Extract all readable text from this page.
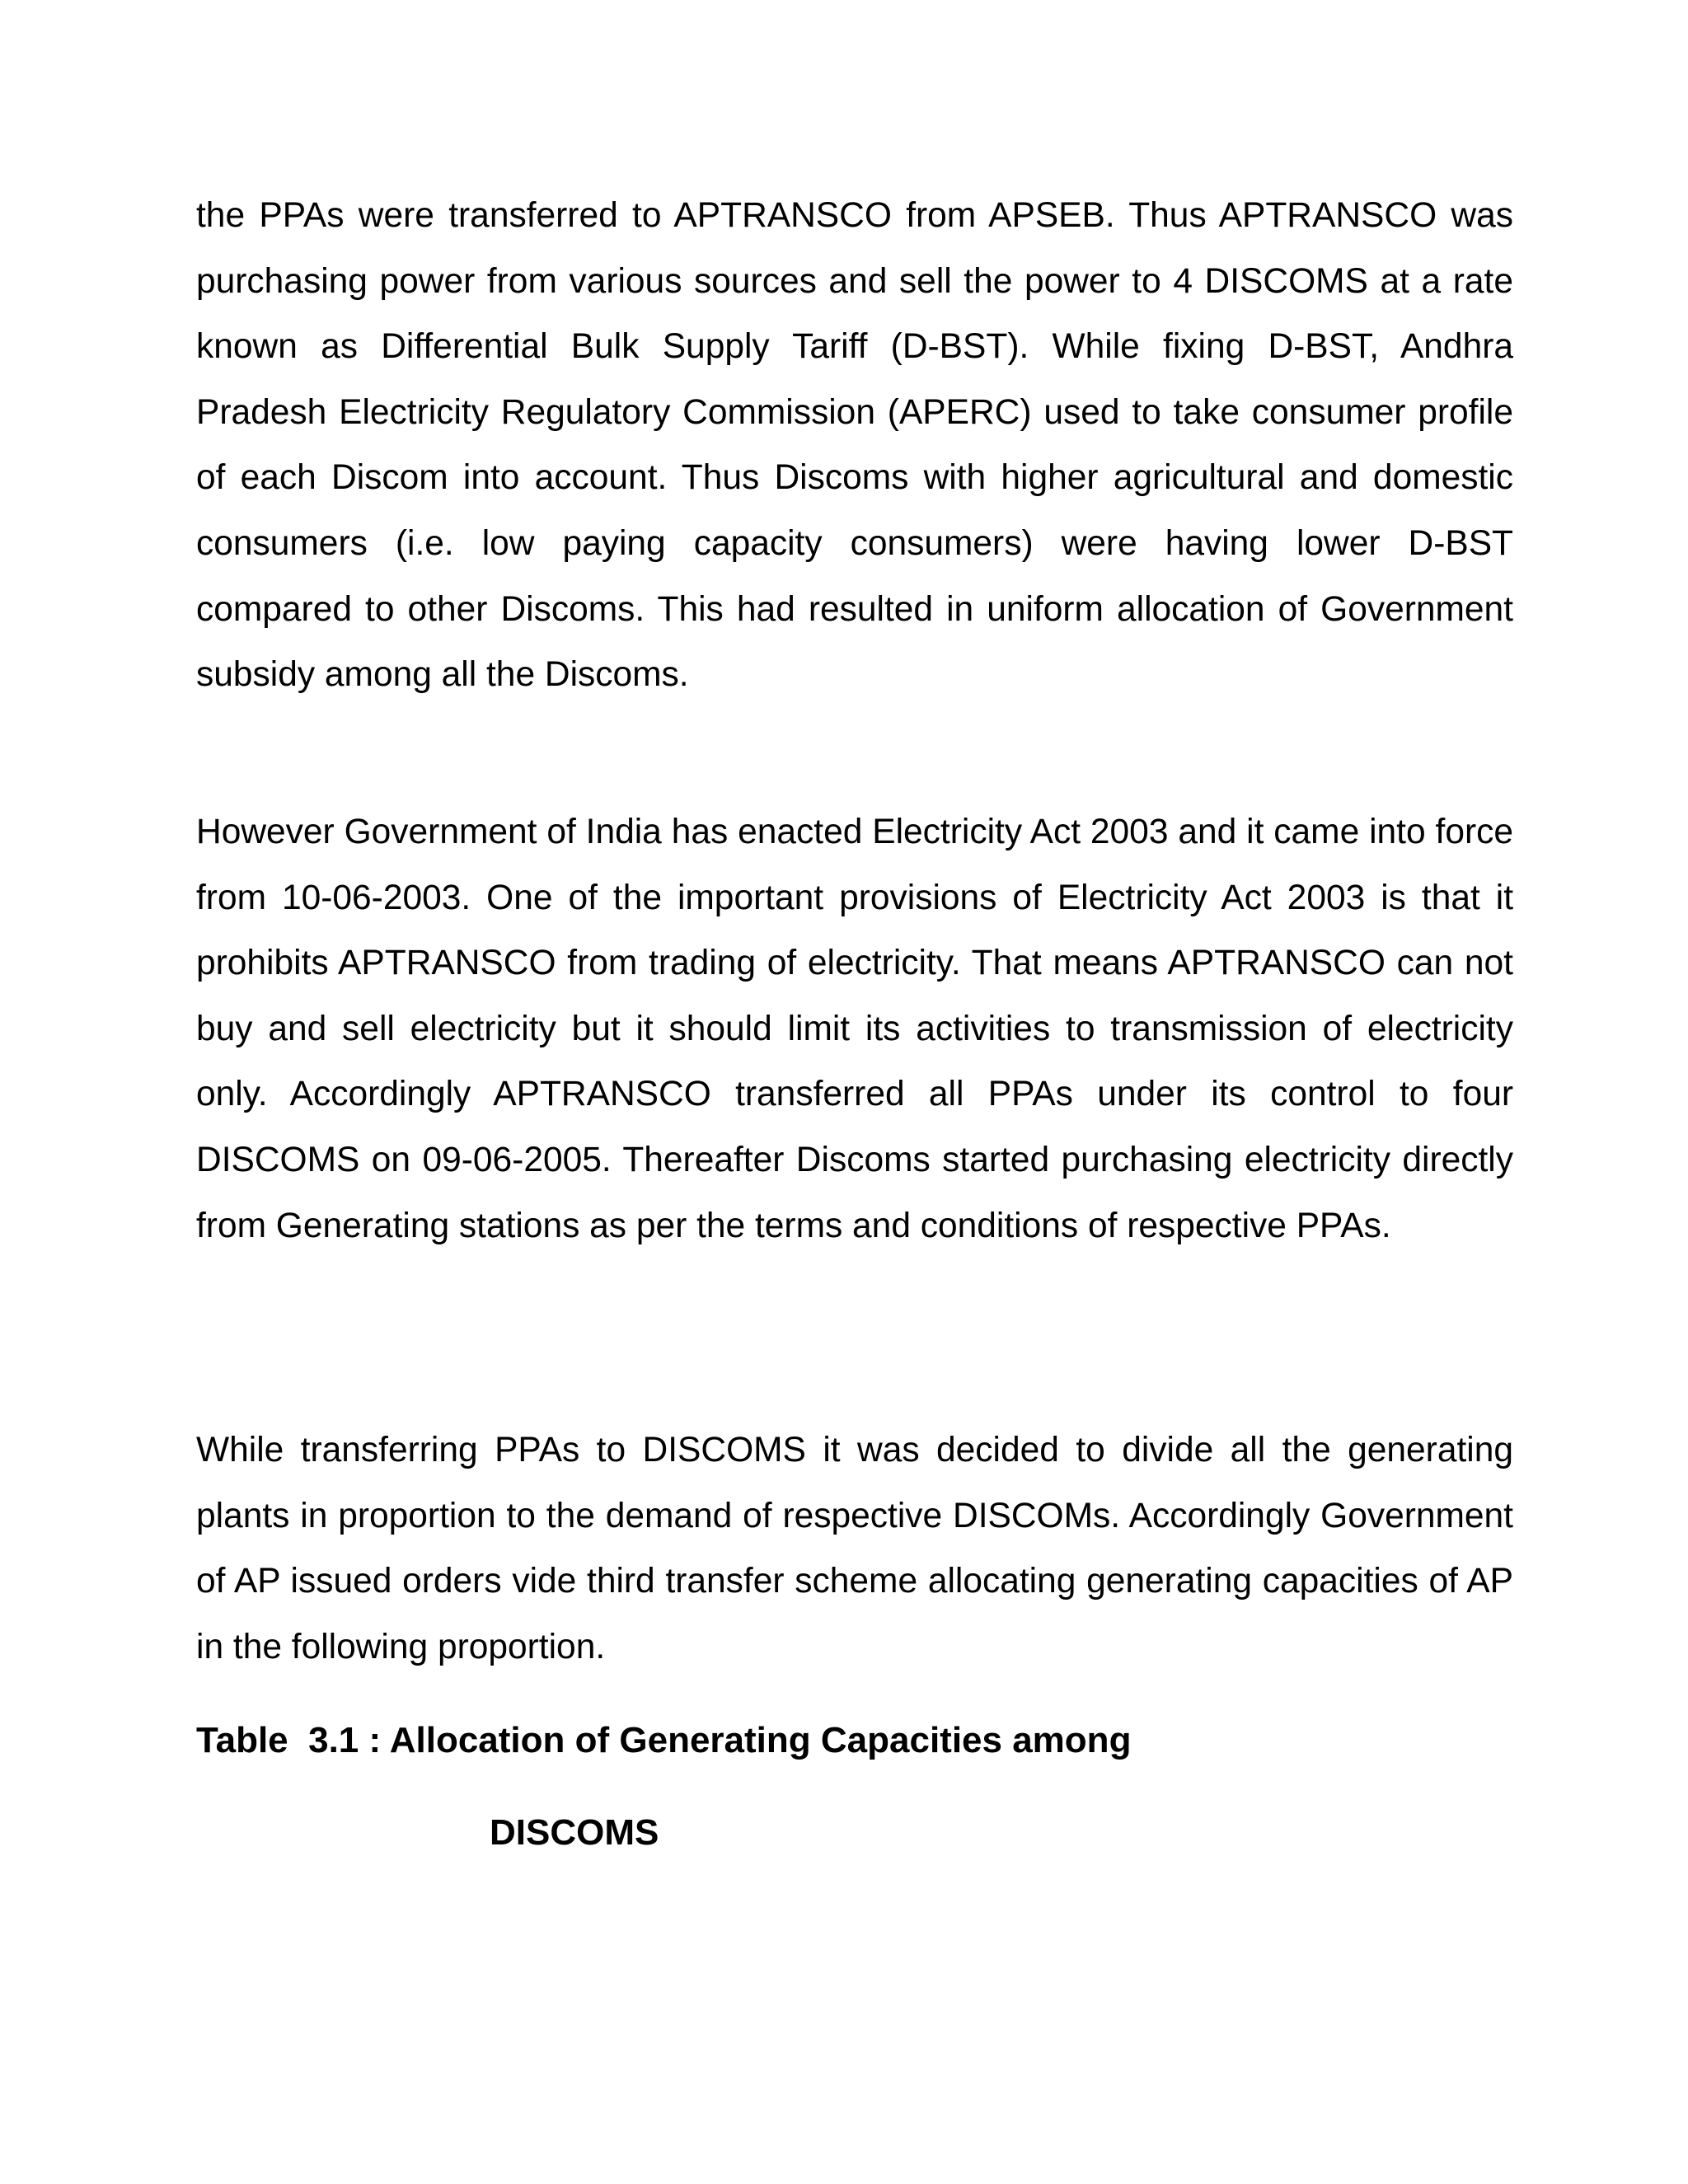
the PPAs were transferred to APTRANSCO from APSEB. Thus APTRANSCO was purchasing power from various sources and sell the power to 4 DISCOMS at a rate known as Differential Bulk Supply Tariff (D-BST). While fixing D-BST, Andhra Pradesh Electricity Regulatory Commission (APERC) used to take consumer profile of each Discom into account. Thus Discoms with higher agricultural and domestic consumers (i.e. low paying capacity consumers) were having lower D-BST compared to other Discoms. This had resulted in uniform allocation of Government subsidy among all the Discoms.

However Government of India has enacted Electricity Act 2003 and it came into force from 10-06-2003. One of the important provisions of Electricity Act 2003 is that it prohibits APTRANSCO from trading of electricity. That means APTRANSCO can not buy and sell electricity but it should limit its activities to transmission of electricity only. Accordingly APTRANSCO transferred all PPAs under its control to four DISCOMS on 09-06-2005. Thereafter Discoms started purchasing electricity directly from Generating stations as per the terms and conditions of respective PPAs.

While transferring PPAs to DISCOMS it was decided to divide all the generating plants in proportion to the demand of respective DISCOMs. Accordingly Government of AP issued orders vide third transfer scheme allocating generating capacities of AP in the following proportion.

Table  3.1 : Allocation of Generating Capacities among

DISCOMS
